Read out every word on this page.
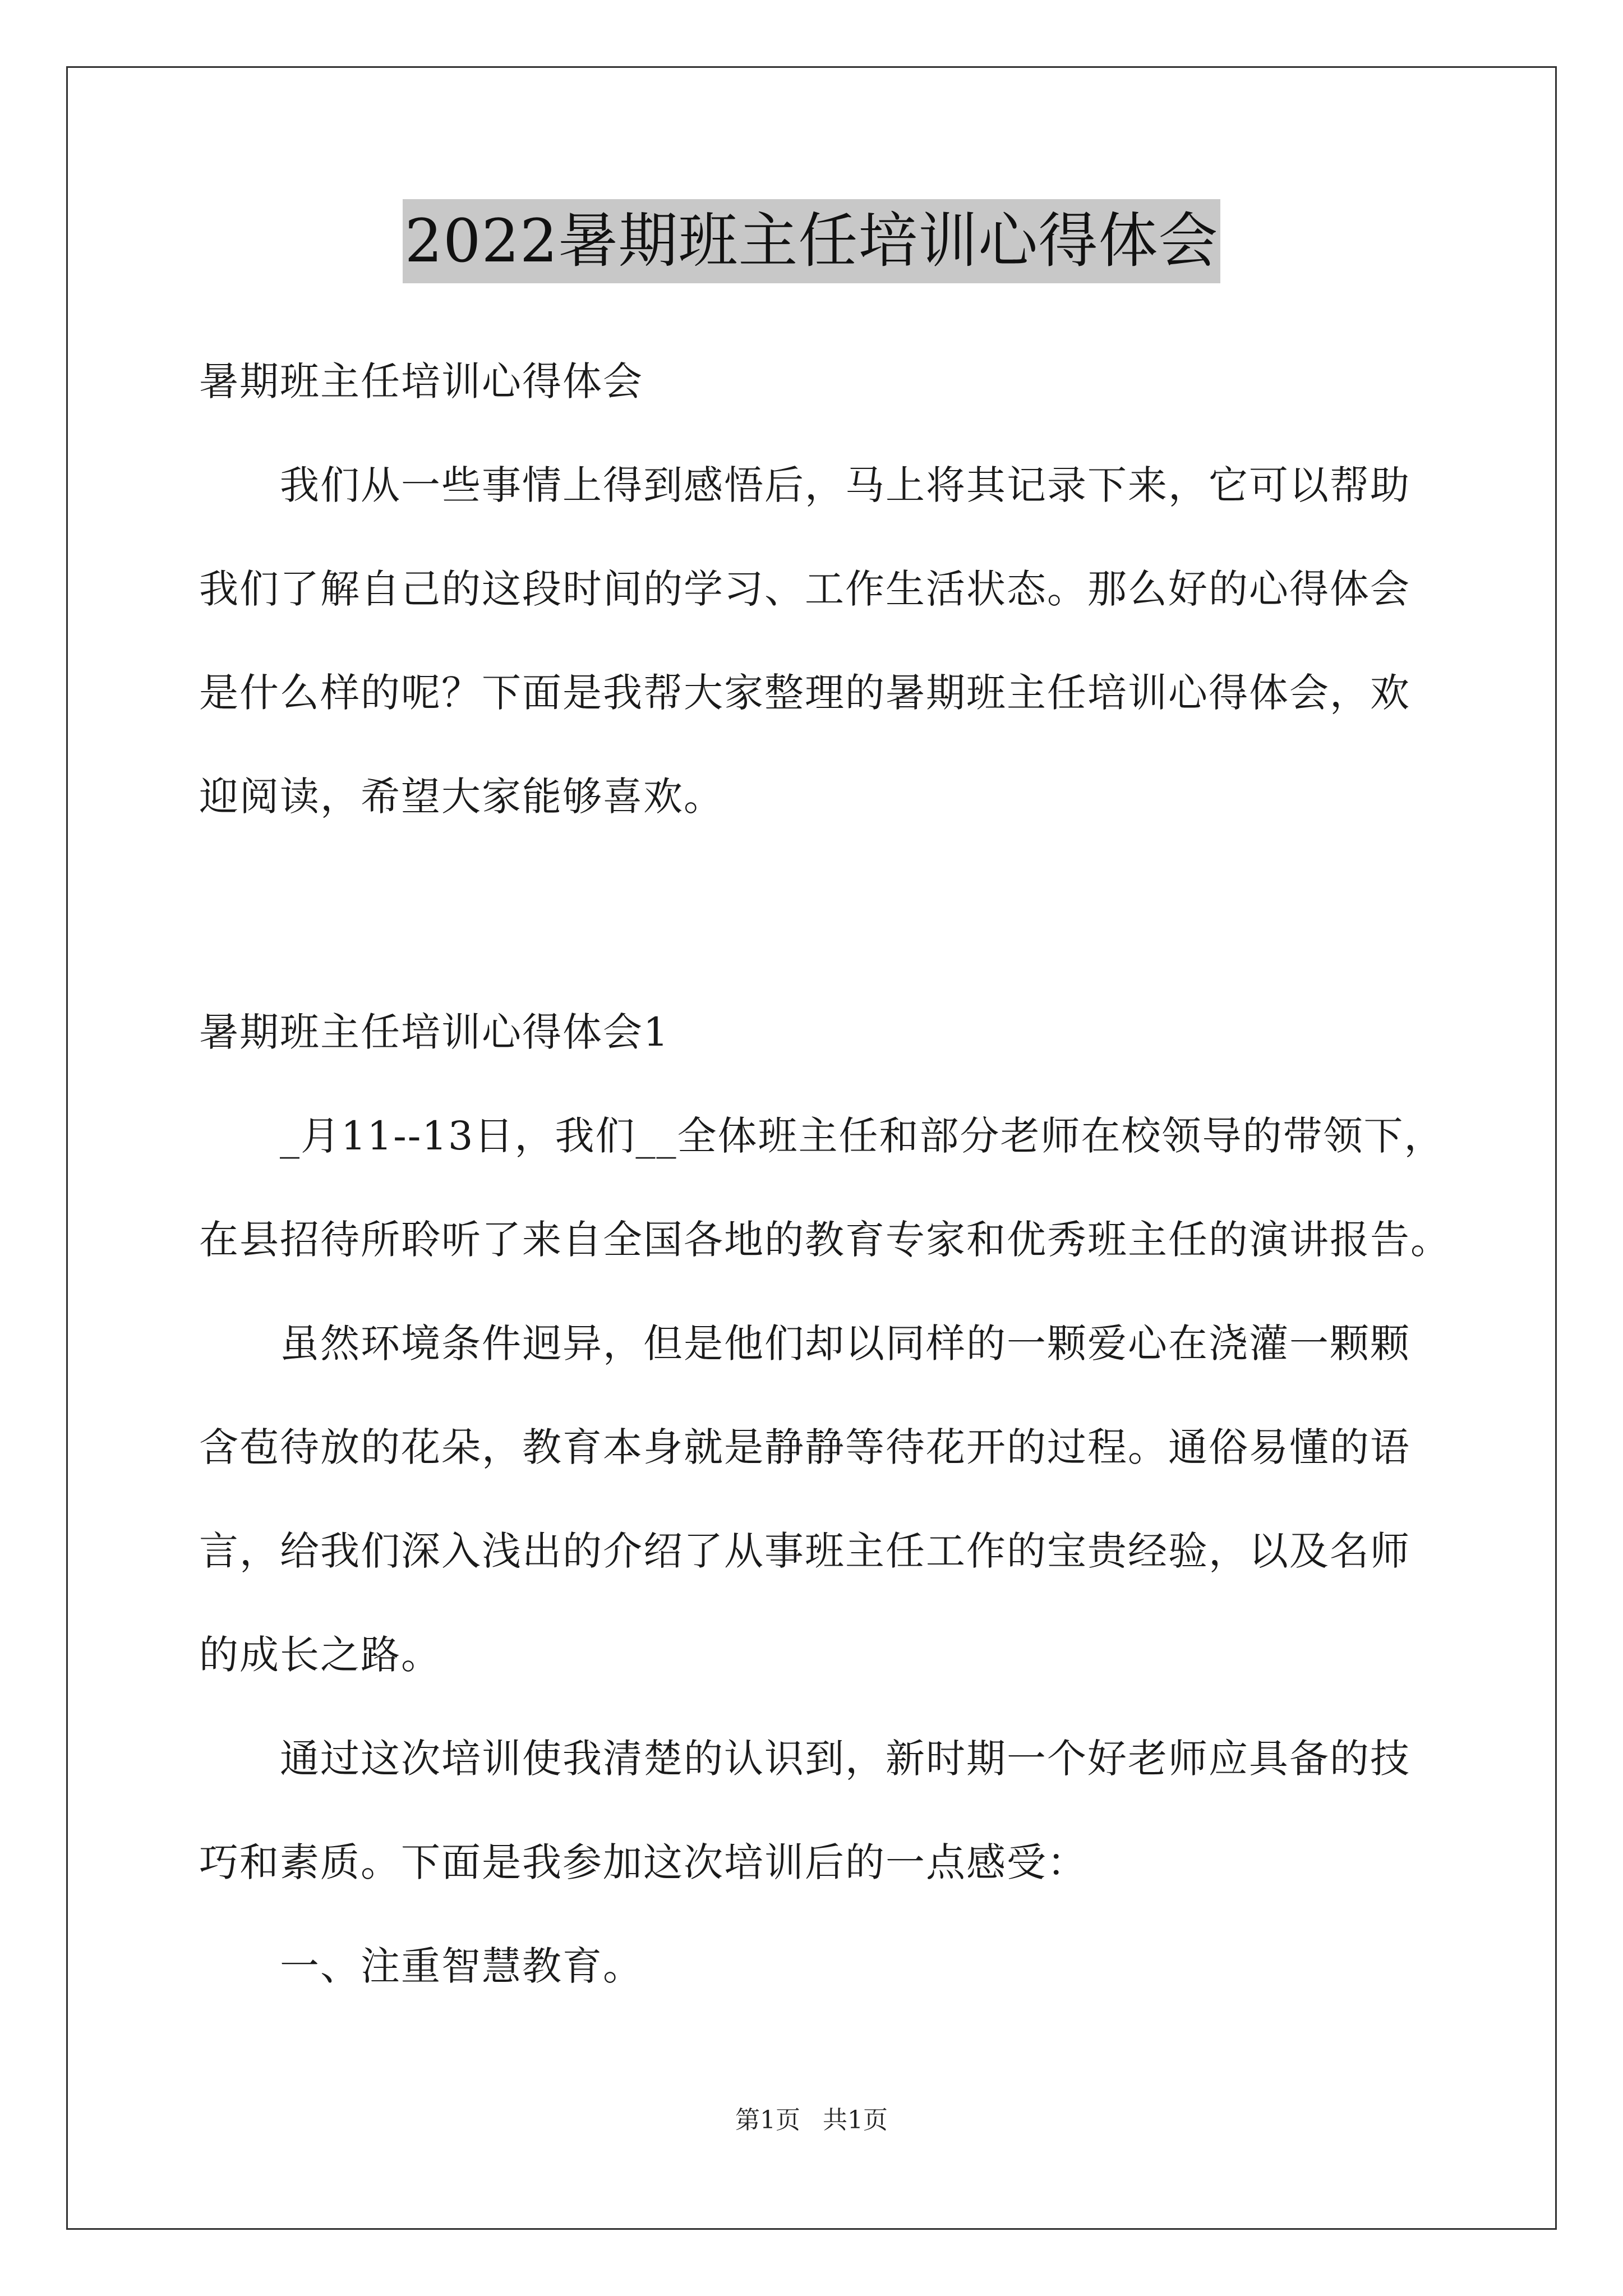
2022暑期班主任培训心得体会
暑期班主任培训心得体会
　　我们从一些事情上得到感悟后，马上将其记录下来，它可以帮助
我们了解自己的这段时间的学习、工作生活状态。那么好的心得体会
是什么样的呢？下面是我帮大家整理的暑期班主任培训心得体会，欢
迎阅读，希望大家能够喜欢。
暑期班主任培训心得体会1
　　_月11--13日，我们__全体班主任和部分老师在校领导的带领下，
在县招待所聆听了来自全国各地的教育专家和优秀班主任的演讲报告。
　　虽然环境条件迥异，但是他们却以同样的一颗爱心在浇灌一颗颗
含苞待放的花朵，教育本身就是静静等待花开的过程。通俗易懂的语
言，给我们深入浅出的介绍了从事班主任工作的宝贵经验，以及名师
的成长之路。
　　通过这次培训使我清楚的认识到，新时期一个好老师应具备的技
巧和素质。下面是我参加这次培训后的一点感受：
　　一、注重智慧教育。
第1页 共1页
